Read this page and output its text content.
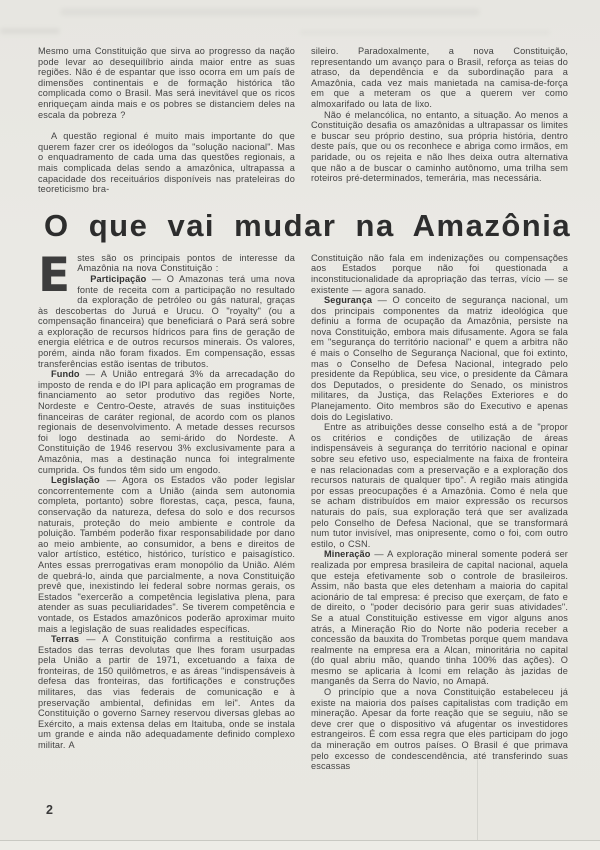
Mesmo uma Constituição que sirva ao progresso da nação pode levar ao desequilíbrio ainda maior entre as suas regiões. Não é de espantar que isso ocorra em um país de dimensões continentais e de formação histórica tão complicada como o Brasil. Mas será inevitável que os ricos enriqueçam ainda mais e os pobres se distanciem deles na escala da pobreza ?

A questão regional é muito mais importante do que querem fazer crer os ideólogos da "solução nacional". Mas o enquadramento de cada uma das questões regionais, a mais complicada delas sendo a amazônica, ultrapassa a capacidade dos receituários disponíveis nas prateleiras do teoreticismo bra-

sileiro. Paradoxalmente, a nova Constituição, representando um avanço para o Brasil, reforça as teias do atraso, da dependência e da subordinação para a Amazônia, cada vez mais manietada na camisa-de-força em que a meteram os que a querem ver como almoxarifado ou lata de lixo.

Não é melancólica, no entanto, a situação. Ao menos a Constituição desafia os amazônidas a ultrapassar os limites e buscar seu próprio destino, sua própria história, dentro deste país, que ou os reconhece e abriga como irmãos, em paridade, ou os rejeita e não lhes deixa outra alternativa que não a de buscar o caminho autônomo, uma trilha sem roteiros pré-determinados, temerária, mas necessária.

O que vai mudar na Amazônia

Estes são os principais pontos de interesse da Amazônia na nova Constituição :

Participação — O Amazonas terá uma nova fonte de receita com a participação no resultado da exploração de petróleo ou gás natural, graças às descobertas do Juruá e Urucu. O "royalty" (ou a compensação financeira) que beneficiará o Pará será sobre a exploração de recursos hídricos para fins de geração de energia elétrica e de outros recursos minerais. Os valores, porém, ainda não foram fixados. Em compensação, essas transferências estão isentas de tributos.

Fundo — A União entregará 3% da arrecadação do imposto de renda e do IPI para aplicação em programas de financiamento ao setor produtivo das regiões Norte, Nordeste e Centro-Oeste, através de suas instituições financeiras de caráter regional, de acordo com os planos regionais de desenvolvimento. A metade desses recursos foi logo destinada ao semi-árido do Nordeste. A Constituição de 1946 reservou 3% exclusivamente para a Amazônia, mas a destinação nunca foi integralmente cumprida. Os fundos têm sido um engodo.

Legislação — Agora os Estados vão poder legislar concorrentemente com a União (ainda sem autonomia completa, portanto) sobre florestas, caça, pesca, fauna, conservação da natureza, defesa do solo e dos recursos naturais, proteção do meio ambiente e controle da poluição. Também poderão fixar responsabilidade por dano ao meio ambiente, ao consumidor, a bens e direitos de valor artístico, estético, histórico, turístico e paisagístico. Antes essas prerrogativas eram monopólio da União. Além de quebrá-lo, ainda que parcialmente, a nova Constituição prevê que, inexistindo lei federal sobre normas gerais, os Estados "exercerão a competência legislativa plena, para atender as suas peculiaridades". Se tiverem competência e vontade, os Estados amazônicos poderão aproximar muito mais a legislação de suas realidades específicas.

Terras — A Constituição confirma a restituição aos Estados das terras devolutas que lhes foram usurpadas pela União a partir de 1971, excetuando a faixa de fronteiras, de 150 quilômetros, e as áreas "indispensáveis à defesa das fronteiras, das fortificações e construções militares, das vias federais de comunicação e à preservação ambiental, definidas em lei". Antes da Constituição o governo Sarney reservou diversas glebas ao Exército, a mais extensa delas em Itaituba, onde se instala um grande e ainda não adequadamente definido complexo militar. A

Constituição não fala em indenizações ou compensações aos Estados porque não foi questionada a inconstitucionalidade da apropriação das terras, vício — se existente — agora sanado.

Segurança — O conceito de segurança nacional, um dos principais componentes da matriz ideológica que definiu a forma de ocupação da Amazônia, persiste na nova Constituição, embora mais difusamente. Agora se fala em "segurança do território nacional" e quem a arbitra não é mais o Conselho de Segurança Nacional, que foi extinto, mas o Conselho de Defesa Nacional, integrado pelo presidente da República, seu vice, o presidente da Câmara dos Deputados, o presidente do Senado, os ministros militares, da Justiça, das Relações Exteriores e do Planejamento. Oito membros são do Executivo e apenas dois do Legislativo.

Entre as atribuições desse conselho está a de "propor os critérios e condições de utilização de áreas indispensáveis à segurança do território nacional e opinar sobre seu efetivo uso, especialmente na faixa de fronteira e nas relacionadas com a preservação e a exploração dos recursos naturais de qualquer tipo". A região mais atingida por essas preocupações é a Amazônia. Como é nela que se acham distribuídos em maior expressão os recursos naturais do país, sua exploração terá que ser avalizada pelo Conselho de Defesa Nacional, que se transformará num tutor invisível, mas onipresente, como o foi, com outro estilo, o CSN.

Mineração — A exploração mineral somente poderá ser realizada por empresa brasileira de capital nacional, aquela que esteja efetivamente sob o controle de brasileiros. Assim, não basta que eles detenham a maioria do capital acionário de tal empresa: é preciso que exerçam, de fato e de direito, o "poder decisório para gerir suas atividades". Se a atual Constituição estivesse em vigor alguns anos atrás, a Mineração Rio do Norte não poderia receber a concessão da bauxita do Trombetas porque quem mandava realmente na empresa era a Alcan, minoritária no capital (do qual abriu mão, quando tinha 100% das ações). O mesmo se aplicaria à Icomi em relação às jazidas de manganês da Serra do Navio, no Amapá.

O princípio que a nova Constituição estabeleceu já existe na maioria dos países capitalistas com tradição em mineração. Apesar da forte reação que se seguiu, não se deve crer que o dispositivo vá afugentar os investidores estrangeiros. É com essa regra que eles participam do jogo da mineração em outros países. O Brasil é que primava pelo excesso de condescendência, até transferindo suas escassas

2
